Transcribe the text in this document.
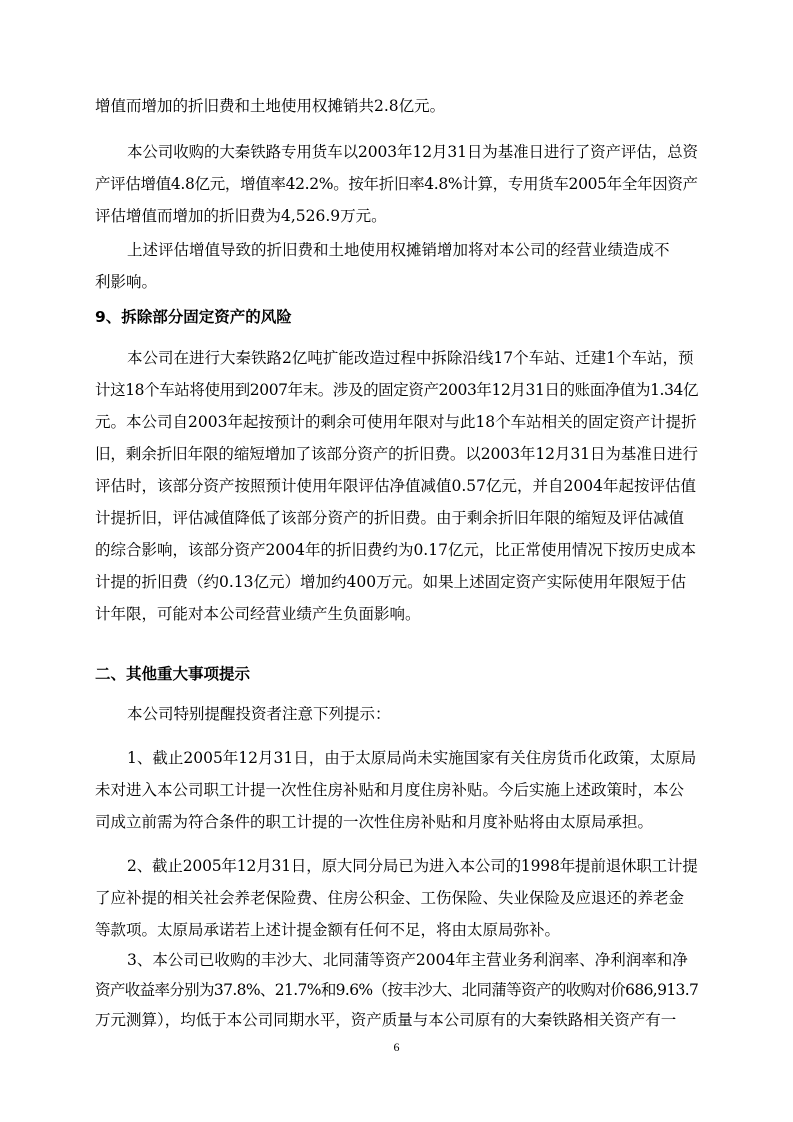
增值而增加的折旧费和土地使用权摊销共2.8亿元。
本公司收购的大秦铁路专用货车以2003年12月31日为基准日进行了资产评估，总资
产评估增值4.8亿元，增值率42.2%。按年折旧率4.8%计算，专用货车2005年全年因资产
评估增值而增加的折旧费为4,526.9万元。
上述评估增值导致的折旧费和土地使用权摊销增加将对本公司的经营业绩造成不
利影响。
9、拆除部分固定资产的风险
本公司在进行大秦铁路2亿吨扩能改造过程中拆除沿线17个车站、迁建1个车站，预
计这18个车站将使用到2007年末。涉及的固定资产2003年12月31日的账面净值为1.34亿
元。本公司自2003年起按预计的剩余可使用年限对与此18个车站相关的固定资产计提折
旧，剩余折旧年限的缩短增加了该部分资产的折旧费。以2003年12月31日为基准日进行
评估时，该部分资产按照预计使用年限评估净值减值0.57亿元，并自2004年起按评估值
计提折旧，评估减值降低了该部分资产的折旧费。由于剩余折旧年限的缩短及评估减值
的综合影响，该部分资产2004年的折旧费约为0.17亿元，比正常使用情况下按历史成本
计提的折旧费（约0.13亿元）增加约400万元。如果上述固定资产实际使用年限短于估
计年限，可能对本公司经营业绩产生负面影响。
二、其他重大事项提示
本公司特别提醒投资者注意下列提示：
1、截止2005年12月31日，由于太原局尚未实施国家有关住房货币化政策，太原局
未对进入本公司职工计提一次性住房补贴和月度住房补贴。今后实施上述政策时，本公
司成立前需为符合条件的职工计提的一次性住房补贴和月度补贴将由太原局承担。
2、截止2005年12月31日，原大同分局已为进入本公司的1998年提前退休职工计提
了应补提的相关社会养老保险费、住房公积金、工伤保险、失业保险及应退还的养老金
等款项。太原局承诺若上述计提金额有任何不足，将由太原局弥补。
3、本公司已收购的丰沙大、北同蒲等资产2004年主营业务利润率、净利润率和净
资产收益率分别为37.8%、21.7%和9.6%（按丰沙大、北同蒲等资产的收购对价686,913.7
6
万元测算），均低于本公司同期水平，资产质量与本公司原有的大秦铁路相关资产有一
